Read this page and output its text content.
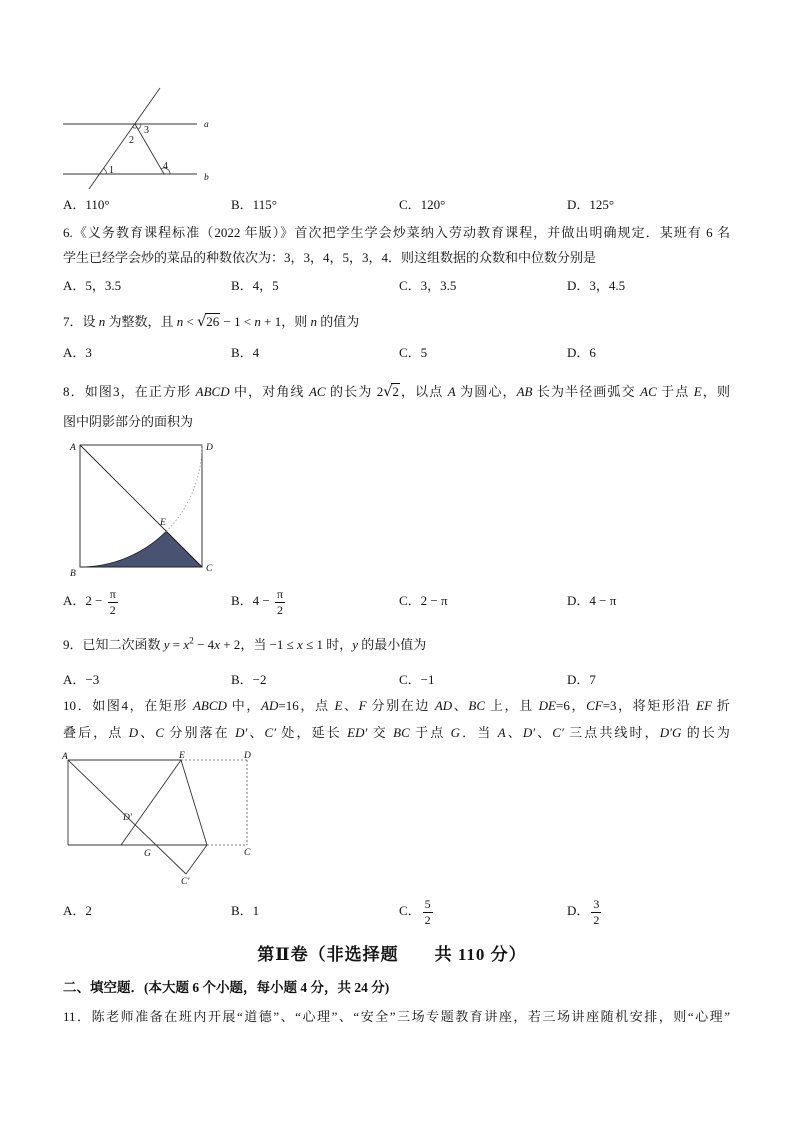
a
b
3
2
1	4
A．110°	B．115°	C．120°	D．125°
6.《义务教育课程标准（2022 年版）》首次把学生学会炒菜纳入劳动教育课程，并做出明确规定．某班有 6 名
学生已经学会炒的菜品的种数依次为：3，3，4，5，3，4．则这组数据的众数和中位数分别是
A．5，3.5	B．4，5	C．3，3.5	D．3，4.5
7．设 n 为整数，且 n < √26 − 1 < n + 1，则 n 的值为
A．3	B．4	C．5	D．6
8．如图3，在正方形 ABCD 中，对角线 AC 的长为 2√2，以点 A 为圆心，AB 长为半径画弧交 AC 于点 E，则
图中阴影部分的面积为
A	D
B	C
E
A．$2 - \frac{\pi}{2}$	B．$4 - \frac{\pi}{2}$	C．2 − π	D．4 − π
9．已知二次函数 $y = x^2 - 4x + 2$，当 −1 ≤ x ≤ 1 时，y 的最小值为
A．−3	B．−2	C．−1	D．7
10．如图4，在矩形 ABCD 中，AD=16，点 E、F 分别在边 AD、BC 上，且 DE=6，CF=3，将矩形沿 EF 折
叠后，点 D、C 分别落在 D′、C′ 处，延长 ED′ 交 BC 于点 G．当 A、D′、C′ 三点共线时，D′G 的长为
A	E	D
D′
G	C
C′
A．2	B．1	C． $\frac{5}{2}$	D． $\frac{3}{2}$
第Ⅱ卷（非选择题　　共 110 分）
二、填空题．(本大题 6 个小题，每小题 4 分，共 24 分)
11．陈老师准备在班内开展“道德”、“心理”、“安全”三场专题教育讲座，若三场讲座随机安排，则“心理”
